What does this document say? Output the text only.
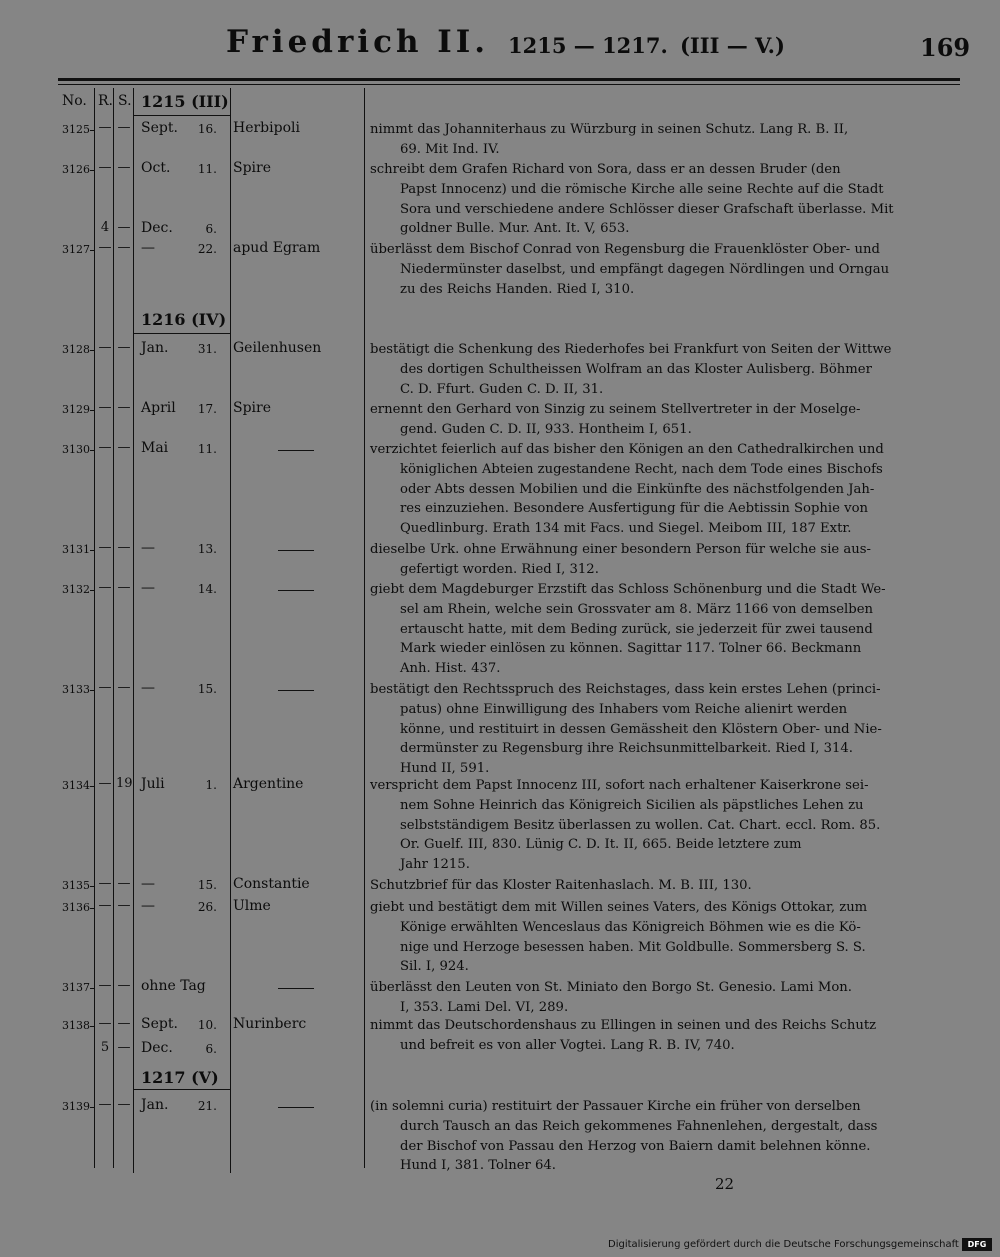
Friedrich II. 1215 — 1217. (III — V.)	169
No. R. S. 1215 (III)
1216 (IV)
1217 (V)
3125 — — Sept.	16. Herbipoli	nimmt das Johanniterhaus zu Würzburg in seinen Schutz. Lang R. B. II,
69. Mit Ind. IV.
3126 — — Oct.	11. Spire	schreibt dem Grafen Richard von Sora, dass er an dessen Bruder (den
Papst Innocenz) und die römische Kirche alle seine Rechte auf die Stadt
Sora und verschiedene andere Schlösser dieser Grafschaft überlasse. Mit
goldner Bulle. Mur. Ant. It. V, 653.
4 — Dec.	6.
3127 — — —	22. apud Egram	überlässt dem Bischof Conrad von Regensburg die Frauenklöster Ober- und
Niedermünster daselbst, und empfängt dagegen Nördlingen und Orngau
zu des Reichs Handen. Ried I, 310.
3128 — — Jan.	31. Geilenhusen	bestätigt die Schenkung des Riederhofes bei Frankfurt von Seiten der Wittwe
des dortigen Schultheissen Wolfram an das Kloster Aulisberg. Böhmer
C. D. Ffurt. Guden C. D. II, 31.
3129 — — April	17. Spire	ernennt den Gerhard von Sinzig zu seinem Stellvertreter in der Moselge-
gend. Guden C. D. II, 933. Hontheim I, 651.
3130 — — Mai	11.	verzichtet feierlich auf das bisher den Königen an den Cathedralkirchen und
königlichen Abteien zugestandene Recht, nach dem Tode eines Bischofs
oder Abts dessen Mobilien und die Einkünfte des nächstfolgenden Jah-
res einzuziehen. Besondere Ausfertigung für die Aebtissin Sophie von
Quedlinburg. Erath 134 mit Facs. und Siegel. Meibom III, 187 Extr.
3131 — — —	13.	dieselbe Urk. ohne Erwähnung einer besondern Person für welche sie aus-
gefertigt worden. Ried I, 312.
3132 — — —	14.	giebt dem Magdeburger Erzstift das Schloss Schönenburg und die Stadt We-
sel am Rhein, welche sein Grossvater am 8. März 1166 von demselben
ertauscht hatte, mit dem Beding zurück, sie jederzeit für zwei tausend
Mark wieder einlösen zu können. Sagittar 117. Tolner 66. Beckmann
Anh. Hist. 437.
3133 — — —	15.	bestätigt den Rechtsspruch des Reichstages, dass kein erstes Lehen (princi-
patus) ohne Einwilligung des Inhabers vom Reiche alienirt werden
könne, und restituirt in dessen Gemässheit den Klöstern Ober- und Nie-
dermünster zu Regensburg ihre Reichsunmittelbarkeit. Ried I, 314.
Hund II, 591.
3134 — 19 Juli	1. Argentine	verspricht dem Papst Innocenz III, sofort nach erhaltener Kaiserkrone sei-
nem Sohne Heinrich das Königreich Sicilien als päpstliches Lehen zu
selbstständigem Besitz überlassen zu wollen. Cat. Chart. eccl. Rom. 85.
Or. Guelf. III, 830. Lünig C. D. It. II, 665. Beide letztere zum
Jahr 1215.
3135 — — —	15. Constantie	Schutzbrief für das Kloster Raitenhaslach. M. B. III, 130.
3136 — — —	26. Ulme	giebt und bestätigt dem mit Willen seines Vaters, des Königs Ottokar, zum
Könige erwählten Wenceslaus das Königreich Böhmen wie es die Kö-
nige und Herzoge besessen haben. Mit Goldbulle. Sommersberg S. S.
Sil. I, 924.
3137 — — ohne Tag	überlässt den Leuten von St. Miniato den Borgo St. Genesio. Lami Mon.
I, 353. Lami Del. VI, 289.
3138 — — Sept.	10. Nurinberc	nimmt das Deutschordenshaus zu Ellingen in seinen und des Reichs Schutz
und befreit es von aller Vogtei. Lang R. B. IV, 740.
5 — Dec.	6.
3139 — — Jan.	21.	(in solemni curia) restituirt der Passauer Kirche ein früher von derselben
durch Tausch an das Reich gekommenes Fahnenlehen, dergestalt, dass
der Bischof von Passau den Herzog von Baiern damit belehnen könne.
Hund I, 381. Tolner 64.
22
Digitalisierung gefördert durch die Deutsche Forschungsgemeinschaft	DFG
